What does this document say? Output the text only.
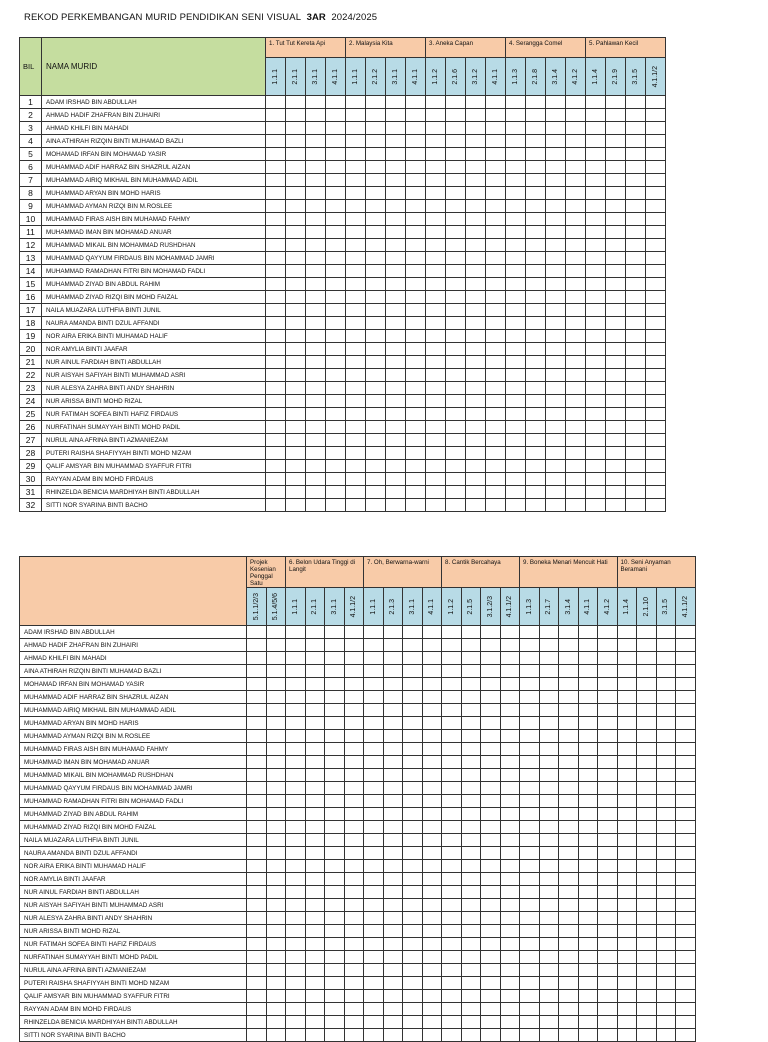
REKOD PERKEMBANGAN MURID PENDIDIKAN SENI VISUAL 3AR 2024/2025
BIL	NAMA MURID	1. Tut Tut Kereta Api				2. Malaysia Kita				3. Aneka Capan				4. Serangga Comel				5. Pahlawan Kecil			

		1.1.1	2.1.1	3.1.1	4.1.1	1.1.1	2.1.2	3.1.1	4.1.1	1.1.2	2.1.6	3.1.2	4.1.1	1.1.3	2.1.8	3.1.4	4.1.2	1.1.4	2.1.9	3.1.5	4.1.1/2

1	ADAM IRSHAD BIN ABDULLAH																				
2	AHMAD HADIF ZHAFRAN BIN ZUHAIRI																				
3	AHMAD KHILFI BIN MAHADI																				
4	AINA ATHIRAH RIZQIN BINTI MUHAMAD BAZLI																				
5	MOHAMAD IRFAN BIN MOHAMAD YASIR																				
6	MUHAMMAD ADIF HARRAZ BIN SHAZRUL AIZAN																				
7	MUHAMMAD AIRIQ MIKHAIL BIN MUHAMMAD AIDIL																				
8	MUHAMMAD ARYAN BIN MOHD HARIS																				
9	MUHAMMAD AYMAN RIZQI BIN M.ROSLEE																				
10	MUHAMMAD FIRAS AISH BIN MUHAMAD FAHMY																				
11	MUHAMMAD IMAN BIN MOHAMAD ANUAR																				
12	MUHAMMAD MIKAIL BIN MOHAMMAD RUSHDHAN																				
13	MUHAMMAD QAYYUM FIRDAUS BIN MOHAMMAD JAMRI																				
14	MUHAMMAD RAMADHAN FITRI BIN MOHAMAD FADLI																				
15	MUHAMMAD ZIYAD BIN ABDUL RAHIM																				
16	MUHAMMAD ZIYAD RIZQI BIN MOHD FAIZAL																				
17	NAILA MUAZARA LUTHFIA BINTI JUNIL																				
18	NAURA AMANDA BINTI DZUL AFFANDI																				
19	NOR AIRA ERIKA BINTI MUHAMAD HALIF																				
20	NOR AMYLIA BINTI JAAFAR																				
21	NUR AINUL FARDIAH BINTI ABDULLAH																				
22	NUR AISYAH SAFIYAH BINTI MUHAMMAD ASRI																				
23	NUR ALESYA ZAHRA BINTI ANDY SHAHRIN																				
24	NUR ARISSA BINTI MOHD RIZAL																				
25	NUR FATIMAH SOFEA BINTI HAFIZ FIRDAUS																				
26	NURFATINAH SUMAYYAH BINTI MOHD PADIL																				
27	NURUL AINA AFRINA BINTI AZMANIEZAM																				
28	PUTERI RAISHA SHAFIYYAH BINTI MOHD NIZAM																				
29	QALIF AMSYAR BIN MUHAMMAD SYAFFUR FITRI																				
30	RAYYAN ADAM BIN MOHD FIRDAUS																				
31	RHINZELDA BENICIA MARDHIYAH BINTI ABDULLAH																				
32	SITTI NOR SYARINA BINTI BACHO																				
	Projek Kesenian Penggal Satu		6. Belon Udara Tinggi di Langit				7. Oh, Berwarna-warni				8. Cantik Bercahaya				9. Boneka Menari Mencuit Hati					10. Seni Anyaman Beramani			

	5.1.1/2/3	5.1.4/5/6	1.1.1	2.1.1	3.1.1	4.1.1/2	1.1.1	2.1.3	3.1.1	4.1.1	1.1.2	2.1.5	3.1.2/3	4.1.1/2	1.1.3	2.1.7	3.1.4	4.1.1	4.1.2	1.1.4	2.1.10	3.1.5	4.1.1/2

ADAM IRSHAD BIN ABDULLAH																							
AHMAD HADIF ZHAFRAN BIN ZUHAIRI																							
AHMAD KHILFI BIN MAHADI																							
AINA ATHIRAH RIZQIN BINTI MUHAMAD BAZLI																							
MOHAMAD IRFAN BIN MOHAMAD YASIR																							
MUHAMMAD ADIF HARRAZ BIN SHAZRUL AIZAN																							
MUHAMMAD AIRIQ MIKHAIL BIN MUHAMMAD AIDIL																							
MUHAMMAD ARYAN BIN MOHD HARIS																							
MUHAMMAD AYMAN RIZQI BIN M.ROSLEE																							
MUHAMMAD FIRAS AISH BIN MUHAMAD FAHMY																							
MUHAMMAD IMAN BIN MOHAMAD ANUAR																							
MUHAMMAD MIKAIL BIN MOHAMMAD RUSHDHAN																							
MUHAMMAD QAYYUM FIRDAUS BIN MOHAMMAD JAMRI																							
MUHAMMAD RAMADHAN FITRI BIN MOHAMAD FADLI																							
MUHAMMAD ZIYAD BIN ABDUL RAHIM																							
MUHAMMAD ZIYAD RIZQI BIN MOHD FAIZAL																							
NAILA MUAZARA LUTHFIA BINTI JUNIL																							
NAURA AMANDA BINTI DZUL AFFANDI																							
NOR AIRA ERIKA BINTI MUHAMAD HALIF																							
NOR AMYLIA BINTI JAAFAR																							
NUR AINUL FARDIAH BINTI ABDULLAH																							
NUR AISYAH SAFIYAH BINTI MUHAMMAD ASRI																							
NUR ALESYA ZAHRA BINTI ANDY SHAHRIN																							
NUR ARISSA BINTI MOHD RIZAL																							
NUR FATIMAH SOFEA BINTI HAFIZ FIRDAUS																							
NURFATINAH SUMAYYAH BINTI MOHD PADIL																							
NURUL AINA AFRINA BINTI AZMANIEZAM																							
PUTERI RAISHA SHAFIYYAH BINTI MOHD NIZAM																							
QALIF AMSYAR BIN MUHAMMAD SYAFFUR FITRI																							
RAYYAN ADAM BIN MOHD FIRDAUS																							
RHINZELDA BENICIA MARDHIYAH BINTI ABDULLAH																							
SITTI NOR SYARINA BINTI BACHO																							
